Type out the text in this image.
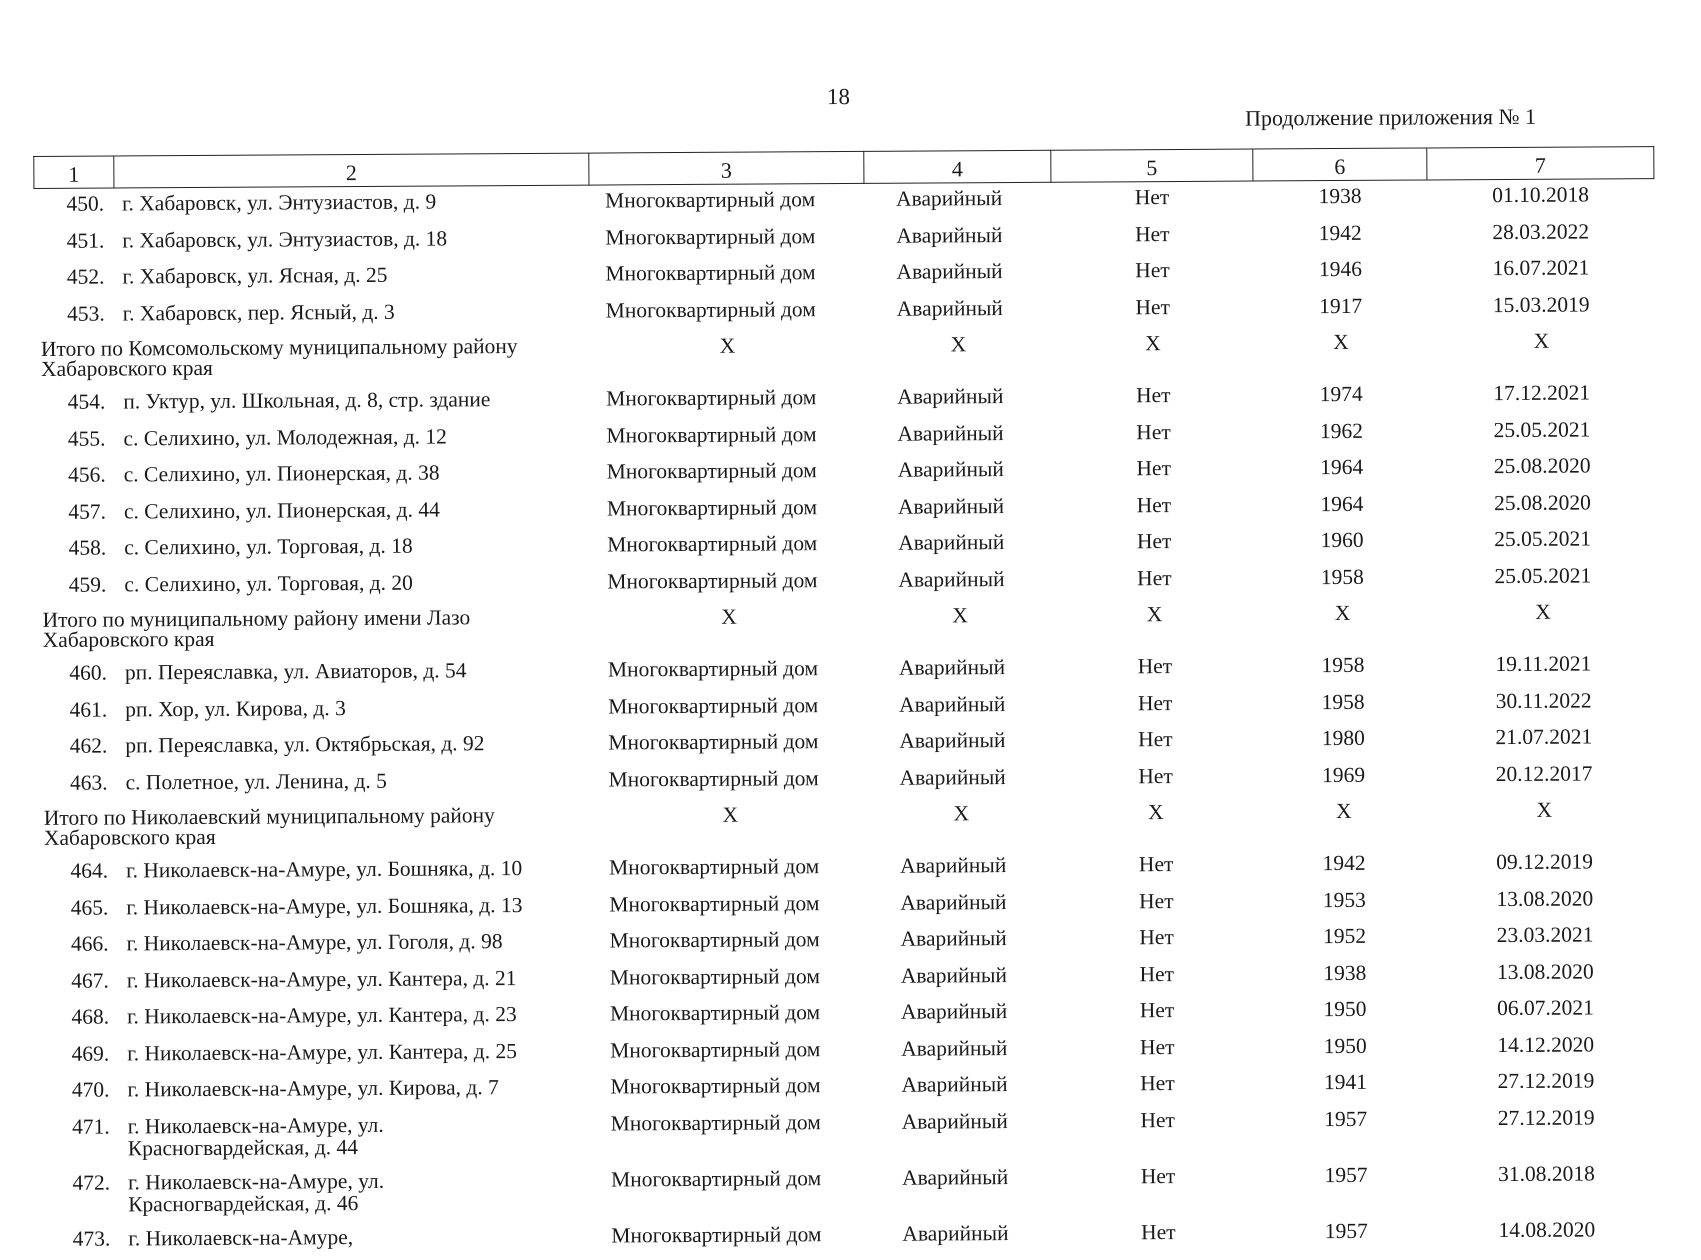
18
Продолжение приложения № 1
1	2	3	4	5	6	7
450.	г. Хабаровск, ул. Энтузиастов, д. 9	Многоквартирный дом	Аварийный	Нет	1938	01.10.2018
451.	г. Хабаровск, ул. Энтузиастов, д. 18	Многоквартирный дом	Аварийный	Нет	1942	28.03.2022
452.	г. Хабаровск, ул. Ясная, д. 25	Многоквартирный дом	Аварийный	Нет	1946	16.07.2021
453.	г. Хабаровск, пер. Ясный, д. 3	Многоквартирный дом	Аварийный	Нет	1917	15.03.2019
Итого по Комсомольскому муниципальному району Хабаровского края		X	X	X	X	X
454.	п. Уктур, ул. Школьная, д. 8, стр. здание	Многоквартирный дом	Аварийный	Нет	1974	17.12.2021
455.	с. Селихино, ул. Молодежная, д. 12	Многоквартирный дом	Аварийный	Нет	1962	25.05.2021
456.	с. Селихино, ул. Пионерская, д. 38	Многоквартирный дом	Аварийный	Нет	1964	25.08.2020
457.	с. Селихино, ул. Пионерская, д. 44	Многоквартирный дом	Аварийный	Нет	1964	25.08.2020
458.	с. Селихино, ул. Торговая, д. 18	Многоквартирный дом	Аварийный	Нет	1960	25.05.2021
459.	с. Селихино, ул. Торговая, д. 20	Многоквартирный дом	Аварийный	Нет	1958	25.05.2021
Итого по муниципальному району имени Лазо Хабаровского края		X	X	X	X	X
460.	рп. Переяславка, ул. Авиаторов, д. 54	Многоквартирный дом	Аварийный	Нет	1958	19.11.2021
461.	рп. Хор, ул. Кирова, д. 3	Многоквартирный дом	Аварийный	Нет	1958	30.11.2022
462.	рп. Переяславка, ул. Октябрьская, д. 92	Многоквартирный дом	Аварийный	Нет	1980	21.07.2021
463.	с. Полетное, ул. Ленина, д. 5	Многоквартирный дом	Аварийный	Нет	1969	20.12.2017
Итого по Николаевский муниципальному району Хабаровского края		X	X	X	X	X
464.	г. Николаевск-на-Амуре, ул. Бошняка, д. 10	Многоквартирный дом	Аварийный	Нет	1942	09.12.2019
465.	г. Николаевск-на-Амуре, ул. Бошняка, д. 13	Многоквартирный дом	Аварийный	Нет	1953	13.08.2020
466.	г. Николаевск-на-Амуре, ул. Гоголя, д. 98	Многоквартирный дом	Аварийный	Нет	1952	23.03.2021
467.	г. Николаевск-на-Амуре, ул. Кантера, д. 21	Многоквартирный дом	Аварийный	Нет	1938	13.08.2020
468.	г. Николаевск-на-Амуре, ул. Кантера, д. 23	Многоквартирный дом	Аварийный	Нет	1950	06.07.2021
469.	г. Николаевск-на-Амуре, ул. Кантера, д. 25	Многоквартирный дом	Аварийный	Нет	1950	14.12.2020
470.	г. Николаевск-на-Амуре, ул. Кирова, д. 7	Многоквартирный дом	Аварийный	Нет	1941	27.12.2019
471.	г. Николаевск-на-Амуре, ул. Красногвардейская, д. 44	Многоквартирный дом	Аварийный	Нет	1957	27.12.2019
472.	г. Николаевск-на-Амуре, ул. Красногвардейская, д. 46	Многоквартирный дом	Аварийный	Нет	1957	31.08.2018
473.	г. Николаевск-на-Амуре,	Многоквартирный дом	Аварийный	Нет	1957	14.08.2020
